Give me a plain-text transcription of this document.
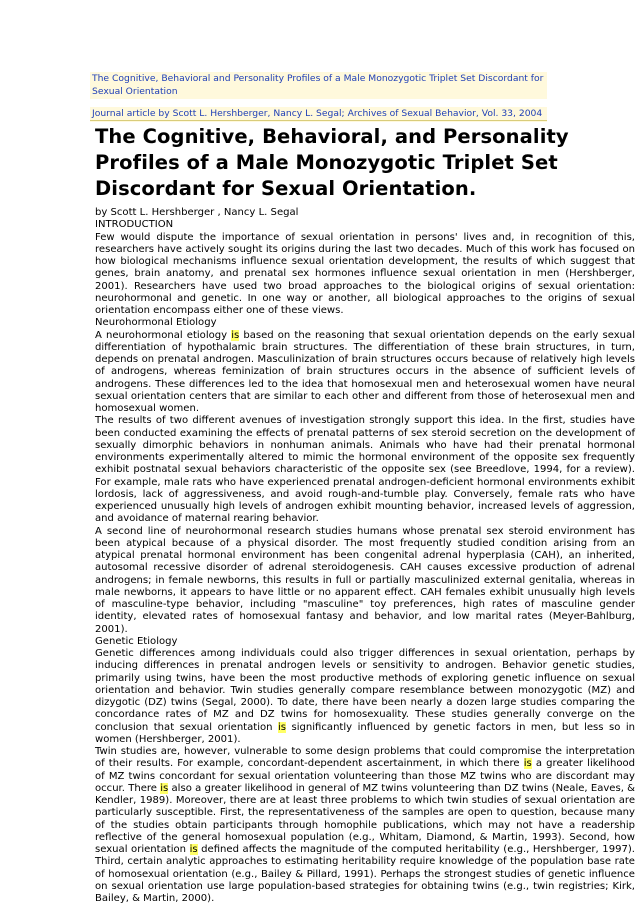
The Cognitive, Behavioral and Personality Profiles of a Male Monozygotic Triplet Set Discordant for Sexual Orientation
Journal article by Scott L. Hershberger, Nancy L. Segal; Archives of Sexual Behavior, Vol. 33, 2004
The Cognitive, Behavioral, and Personality Profiles of a Male Monozygotic Triplet Set Discordant for Sexual Orientation.

by Scott L. Hershberger , Nancy L. Segal

INTRODUCTION

Few would dispute the importance of sexual orientation in persons' lives and, in recognition of this, researchers have actively sought its origins during the last two decades. Much of this work has focused on how biological mechanisms influence sexual orientation development, the results of which suggest that genes, brain anatomy, and prenatal sex hormones influence sexual orientation in men (Hershberger, 2001). Researchers have used two broad approaches to the biological origins of sexual orientation: neurohormonal and genetic. In one way or another, all biological approaches to the origins of sexual orientation encompass either one of these views.

Neurohormonal Etiology

A neurohormonal etiology is based on the reasoning that sexual orientation depends on the early sexual differentiation of hypothalamic brain structures. The differentiation of these brain structures, in turn, depends on prenatal androgen. Masculinization of brain structures occurs because of relatively high levels of androgens, whereas feminization of brain structures occurs in the absence of sufficient levels of androgens. These differences led to the idea that homosexual men and heterosexual women have neural sexual orientation centers that are similar to each other and different from those of heterosexual men and homosexual women.

The results of two different avenues of investigation strongly support this idea. In the first, studies have been conducted examining the effects of prenatal patterns of sex steroid secretion on the development of sexually dimorphic behaviors in nonhuman animals. Animals who have had their prenatal hormonal environments experimentally altered to mimic the hormonal environment of the opposite sex frequently exhibit postnatal sexual behaviors characteristic of the opposite sex (see Breedlove, 1994, for a review). For example, male rats who have experienced prenatal androgen-deficient hormonal environments exhibit lordosis, lack of aggressiveness, and avoid rough-and-tumble play. Conversely, female rats who have experienced unusually high levels of androgen exhibit mounting behavior, increased levels of aggression, and avoidance of maternal rearing behavior.

A second line of neurohormonal research studies humans whose prenatal sex steroid environment has been atypical because of a physical disorder. The most frequently studied condition arising from an atypical prenatal hormonal environment has been congenital adrenal hyperplasia (CAH), an inherited, autosomal recessive disorder of adrenal steroidogenesis. CAH causes excessive production of adrenal androgens; in female newborns, this results in full or partially masculinized external genitalia, whereas in male newborns, it appears to have little or no apparent effect. CAH females exhibit unusually high levels of masculine-type behavior, including "masculine" toy preferences, high rates of masculine gender identity, elevated rates of homosexual fantasy and behavior, and low marital rates (Meyer-Bahlburg, 2001).

Genetic Etiology

Genetic differences among individuals could also trigger differences in sexual orientation, perhaps by inducing differences in prenatal androgen levels or sensitivity to androgen. Behavior genetic studies, primarily using twins, have been the most productive methods of exploring genetic influence on sexual orientation and behavior. Twin studies generally compare resemblance between monozygotic (MZ) and dizygotic (DZ) twins (Segal, 2000). To date, there have been nearly a dozen large studies comparing the concordance rates of MZ and DZ twins for homosexuality. These studies generally converge on the conclusion that sexual orientation is significantly influenced by genetic factors in men, but less so in women (Hershberger, 2001).

Twin studies are, however, vulnerable to some design problems that could compromise the interpretation of their results. For example, concordant-dependent ascertainment, in which there is a greater likelihood of MZ twins concordant for sexual orientation volunteering than those MZ twins who are discordant may occur. There is also a greater likelihood in general of MZ twins volunteering than DZ twins (Neale, Eaves, & Kendler, 1989). Moreover, there are at least three problems to which twin studies of sexual orientation are particularly susceptible. First, the representativeness of the samples are open to question, because many of the studies obtain participants through homophile publications, which may not have a readership reflective of the general homosexual population (e.g., Whitam, Diamond, & Martin, 1993). Second, how sexual orientation is defined affects the magnitude of the computed heritability (e.g., Hershberger, 1997). Third, certain analytic approaches to estimating heritability require knowledge of the population base rate of homosexual orientation (e.g., Bailey & Pillard, 1991). Perhaps the strongest studies of genetic influence on sexual orientation use large population-based strategies for obtaining twins (e.g., twin registries; Kirk, Bailey, & Martin, 2000).
